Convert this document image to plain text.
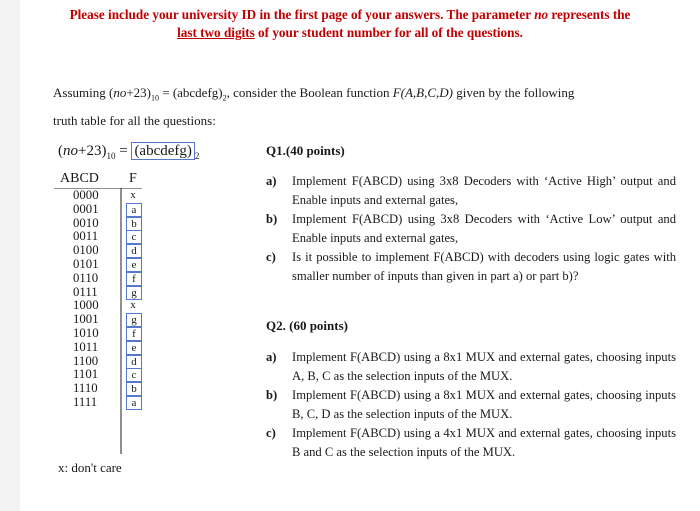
Please include your university ID in the first page of your answers. The parameter no represents the
last two digits of your student number for all of the questions.
Assuming $(no+23)_{10}$ = $(abcdefg)_2$, consider the Boolean function F(A,B,C,D) given by the following
truth table for all the questions:
$(no+23)_{10}$ = (abcdefg) $_2$
ABCD F
0000	x
0001	a
0010	b
0011	c
0100	d
0101	e
0110	f
0111	g
1000	x
1001	g
1010	f
1011	e
1100	d
1101	c
1110	b
1111	a
x: don't care
Q1.(40 points)
a)	Implement F(ABCD) using 3x8 Decoders with ‘Active High’ output and Enable inputs and external gates,
b)	Implement F(ABCD) using 3x8 Decoders with ‘Active Low’ output and Enable inputs and external gates,
c)	Is it possible to implement F(ABCD) with decoders using logic gates with smaller number of inputs than given in part a) or part b)?
Q2. (60 points)
a)	Implement F(ABCD) using a 8x1 MUX and external gates, choosing inputs A, B, C as the selection inputs of the MUX.
b)	Implement F(ABCD) using a 8x1 MUX and external gates, choosing inputs B, C, D as the selection inputs of the MUX.
c)	Implement F(ABCD) using a 4x1 MUX and external gates, choosing inputs B and C as the selection inputs of the MUX.
